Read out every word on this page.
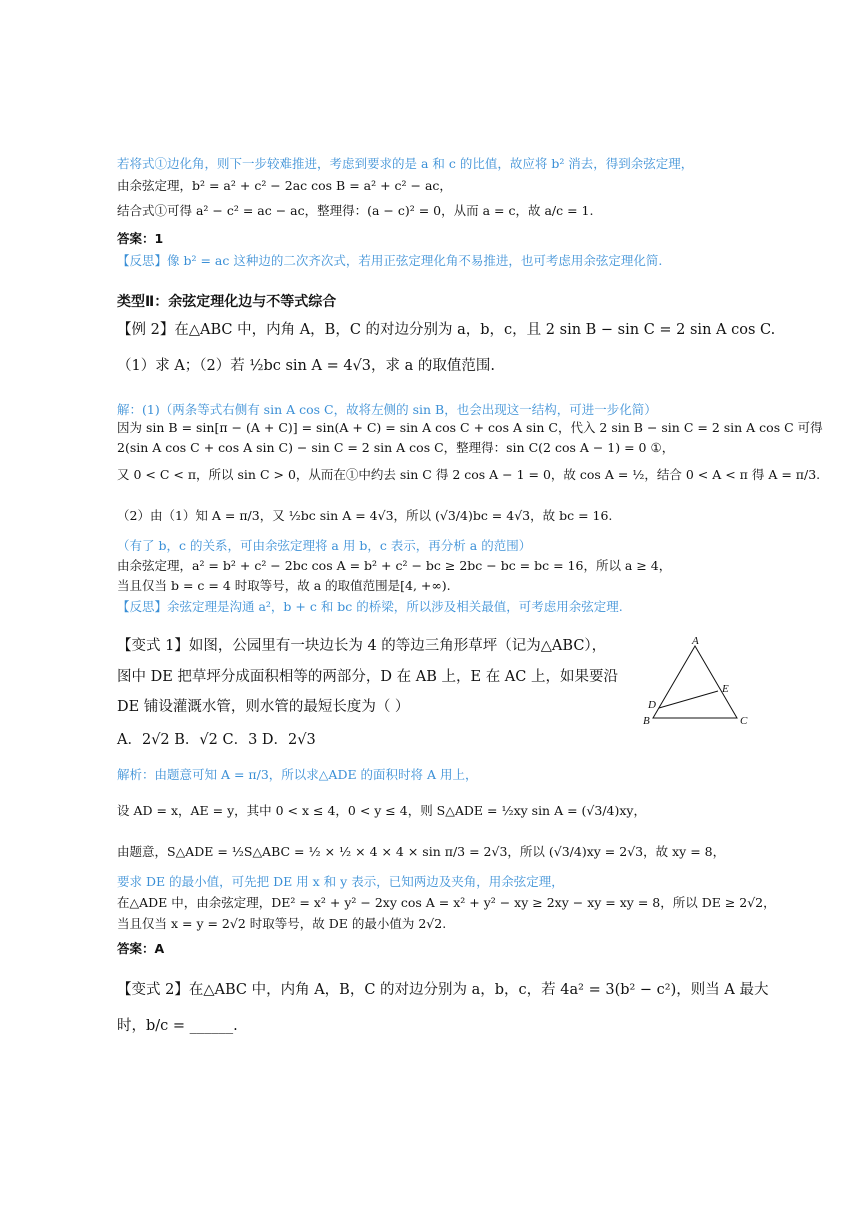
若将式①边化角，则下一步较难推进，考虑到要求的是 a 和 c 的比值，故应将 b² 消去，得到余弦定理，
由余弦定理，b² = a² + c² − 2ac cos B = a² + c² − ac，
结合式①可得 a² − c² = ac − ac，整理得：(a − c)² = 0，从而 a = c，故 a/c = 1.
答案：1
【反思】像 b² = ac 这种边的二次齐次式，若用正弦定理化角不易推进，也可考虑用余弦定理化简.
类型Ⅱ：余弦定理化边与不等式综合
【例 2】在△ABC 中，内角 A，B，C 的对边分别为 a，b，c，且 2 sin B − sin C = 2 sin A cos C.
（1）求 A；（2）若 ½bc sin A = 4√3，求 a 的取值范围.
解：(1)（两条等式右侧有 sin A cos C，故将左侧的 sin B，也会出现这一结构，可进一步化简）
因为 sin B = sin[π − (A + C)] = sin(A + C) = sin A cos C + cos A sin C，代入 2 sin B − sin C = 2 sin A cos C 可得
2(sin A cos C + cos A sin C) − sin C = 2 sin A cos C，整理得：sin C(2 cos A − 1) = 0 ①，
又 0 < C < π，所以 sin C > 0，从而在①中约去 sin C 得 2 cos A − 1 = 0，故 cos A = ½，结合 0 < A < π 得 A = π/3.
（2）由（1）知 A = π/3，又 ½bc sin A = 4√3，所以 (√3/4)bc = 4√3，故 bc = 16.
（有了 b，c 的关系，可由余弦定理将 a 用 b，c 表示，再分析 a 的范围）
由余弦定理，a² = b² + c² − 2bc cos A = b² + c² − bc ≥ 2bc − bc = bc = 16，所以 a ≥ 4，
当且仅当 b = c = 4 时取等号，故 a 的取值范围是[4, +∞).
【反思】余弦定理是沟通 a²，b + c 和 bc 的桥梁，所以涉及相关最值，可考虑用余弦定理.
【变式 1】如图，公园里有一块边长为 4 的等边三角形草坪（记为△ABC），
图中 DE 把草坪分成面积相等的两部分，D 在 AB 上，E 在 AC 上，如果要沿
DE 铺设灌溉水管，则水管的最短长度为（ ）
A．2√2 B．√2 C．3 D．2√3
解析：由题意可知 A = π/3，所以求△ADE 的面积时将 A 用上，
设 AD = x，AE = y，其中 0 < x ≤ 4，0 < y ≤ 4，则 S△ADE = ½xy sin A = (√3/4)xy，
由题意，S△ADE = ½S△ABC = ½ × ½ × 4 × 4 × sin π/3 = 2√3，所以 (√3/4)xy = 2√3，故 xy = 8，
要求 DE 的最小值，可先把 DE 用 x 和 y 表示，已知两边及夹角，用余弦定理，
在△ADE 中，由余弦定理，DE² = x² + y² − 2xy cos A = x² + y² − xy ≥ 2xy − xy = xy = 8，所以 DE ≥ 2√2，
当且仅当 x = y = 2√2 时取等号，故 DE 的最小值为 2√2.
答案：A
【变式 2】在△ABC 中，内角 A，B，C 的对边分别为 a，b，c，若 4a² = 3(b² − c²)，则当 A 最大
时，b/c = ______.
A
B	C
D
E
